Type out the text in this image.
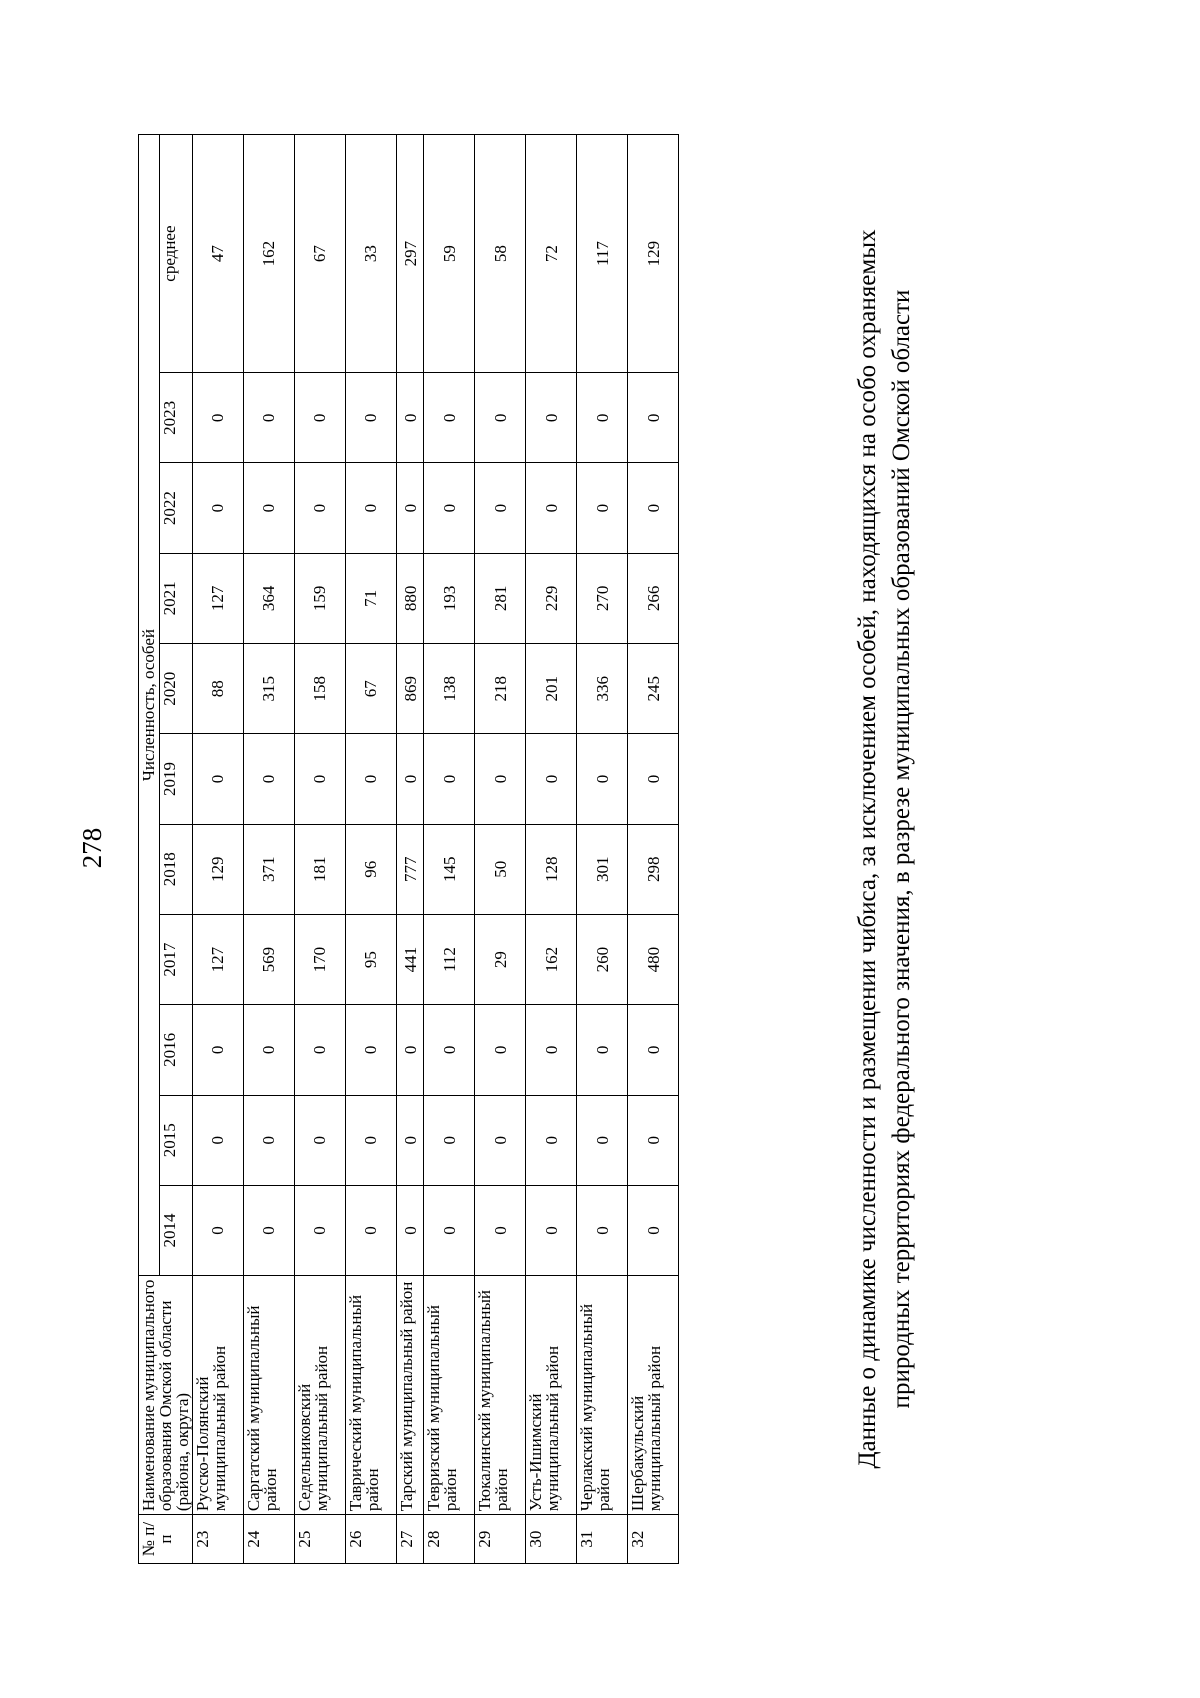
278
№ п/п	Наименование муниципального образования Омской области (района, округа)	Численность, особей										
		2014	2015	2016	2017	2018	2019	2020	2021	2022	2023	среднее
23	Русско-Полянский муниципальный район	0	0	0	127	129	0	88	127	0	0	47
24	Саргатский муниципальный район	0	0	0	569	371	0	315	364	0	0	162
25	Седельниковский муниципальный район	0	0	0	170	181	0	158	159	0	0	67
26	Таврический муниципальный район	0	0	0	95	96	0	67	71	0	0	33
27	Тарский муниципальный район	0	0	0	441	777	0	869	880	0	0	297
28	Тевризский муниципальный район	0	0	0	112	145	0	138	193	0	0	59
29	Тюкалинский муниципальный район	0	0	0	29	50	0	218	281	0	0	58
30	Усть-Ишимский муниципальный район	0	0	0	162	128	0	201	229	0	0	72
31	Черлакский муниципальный район	0	0	0	260	301	0	336	270	0	0	117
32	Шербакульский муниципальный район	0	0	0	480	298	0	245	266	0	0	129	Данные о динамике численности и размещении чибиса, за исключением особей, находящихся на особо охраняемых природных территориях федерального значения, в разрезе муниципальных образований Омской области
